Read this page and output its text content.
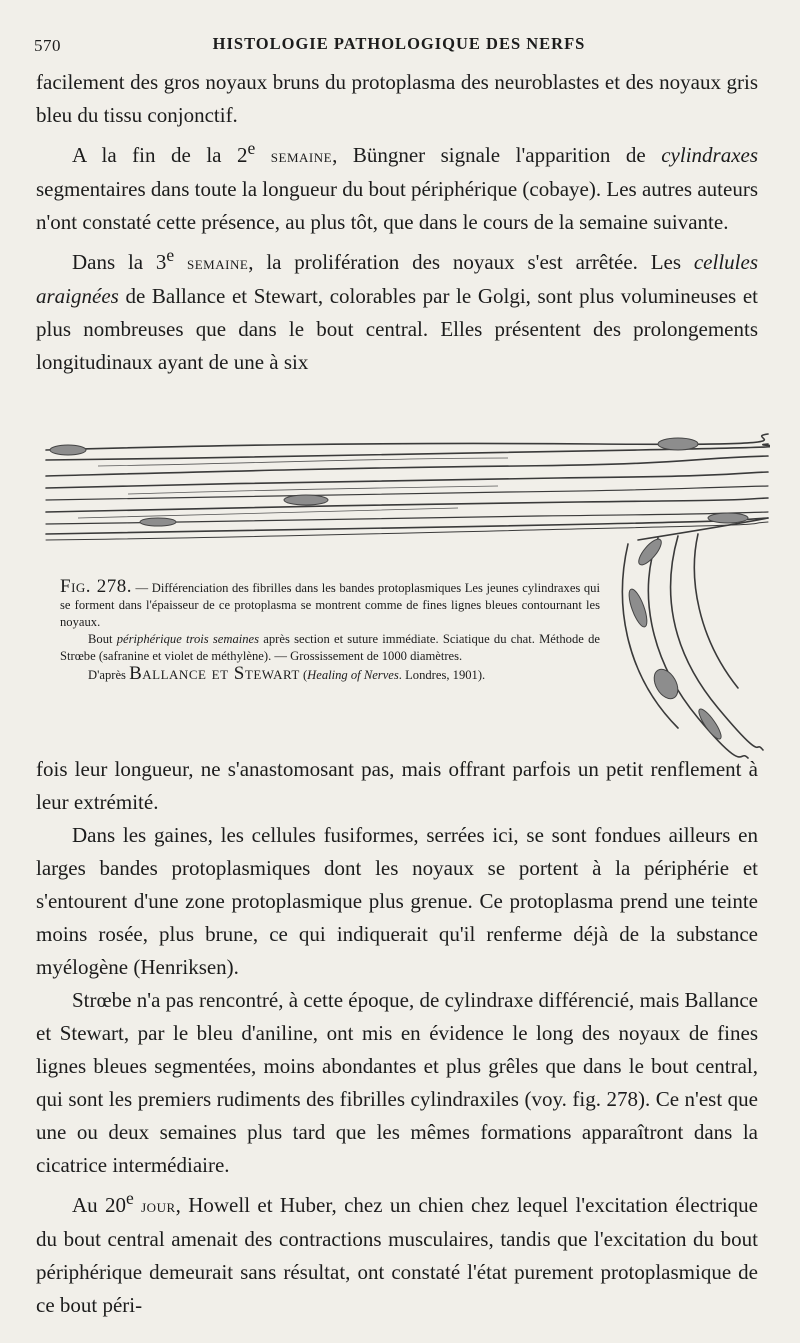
570	HISTOLOGIE PATHOLOGIQUE DES NERFS

facilement des gros noyaux bruns du protoplasma des neuroblastes et des noyaux gris bleu du tissu conjonctif.

A la fin de la 2e semaine, Büngner signale l'apparition de cylindraxes segmentaires dans toute la longueur du bout périphérique (cobaye). Les autres auteurs n'ont constaté cette présence, au plus tôt, que dans le cours de la semaine suivante.

Dans la 3e semaine, la prolifération des noyaux s'est arrêtée. Les cellules araignées de Ballance et Stewart, colorables par le Golgi, sont plus volumineuses et plus nombreuses que dans le bout central. Elles présentent des prolongements longitudinaux ayant de une à six

Fig. 278. — Différenciation des fibrilles dans les bandes protoplasmiques Les jeunes cylindraxes qui se forment dans l'épaisseur de ce protoplasma se montrent comme de fines lignes bleues contournant les noyaux.

Bout périphérique trois semaines après section et suture immédiate. Sciatique du chat. Méthode de Strœbe (safranine et violet de méthylène). — Grossissement de 1000 diamètres.

D'après Ballance et Stewart (Healing of Nerves. Londres, 1901).

fois leur longueur, ne s'anastomosant pas, mais offrant parfois un petit renflement à leur extrémité.

Dans les gaines, les cellules fusiformes, serrées ici, se sont fondues ailleurs en larges bandes protoplasmiques dont les noyaux se portent à la périphérie et s'entourent d'une zone protoplasmique plus grenue. Ce protoplasma prend une teinte moins rosée, plus brune, ce qui indiquerait qu'il renferme déjà de la substance myélogène (Henriksen).

Strœbe n'a pas rencontré, à cette époque, de cylindraxe différencié, mais Ballance et Stewart, par le bleu d'aniline, ont mis en évidence le long des noyaux de fines lignes bleues segmentées, moins abondantes et plus grêles que dans le bout central, qui sont les premiers rudiments des fibrilles cylindraxiles (voy. fig. 278). Ce n'est que une ou deux semaines plus tard que les mêmes formations apparaîtront dans la cicatrice intermédiaire.

Au 20e jour, Howell et Huber, chez un chien chez lequel l'excitation électrique du bout central amenait des contractions musculaires, tandis que l'excitation du bout périphérique demeurait sans résultat, ont constaté l'état purement protoplasmique de ce bout péri-
